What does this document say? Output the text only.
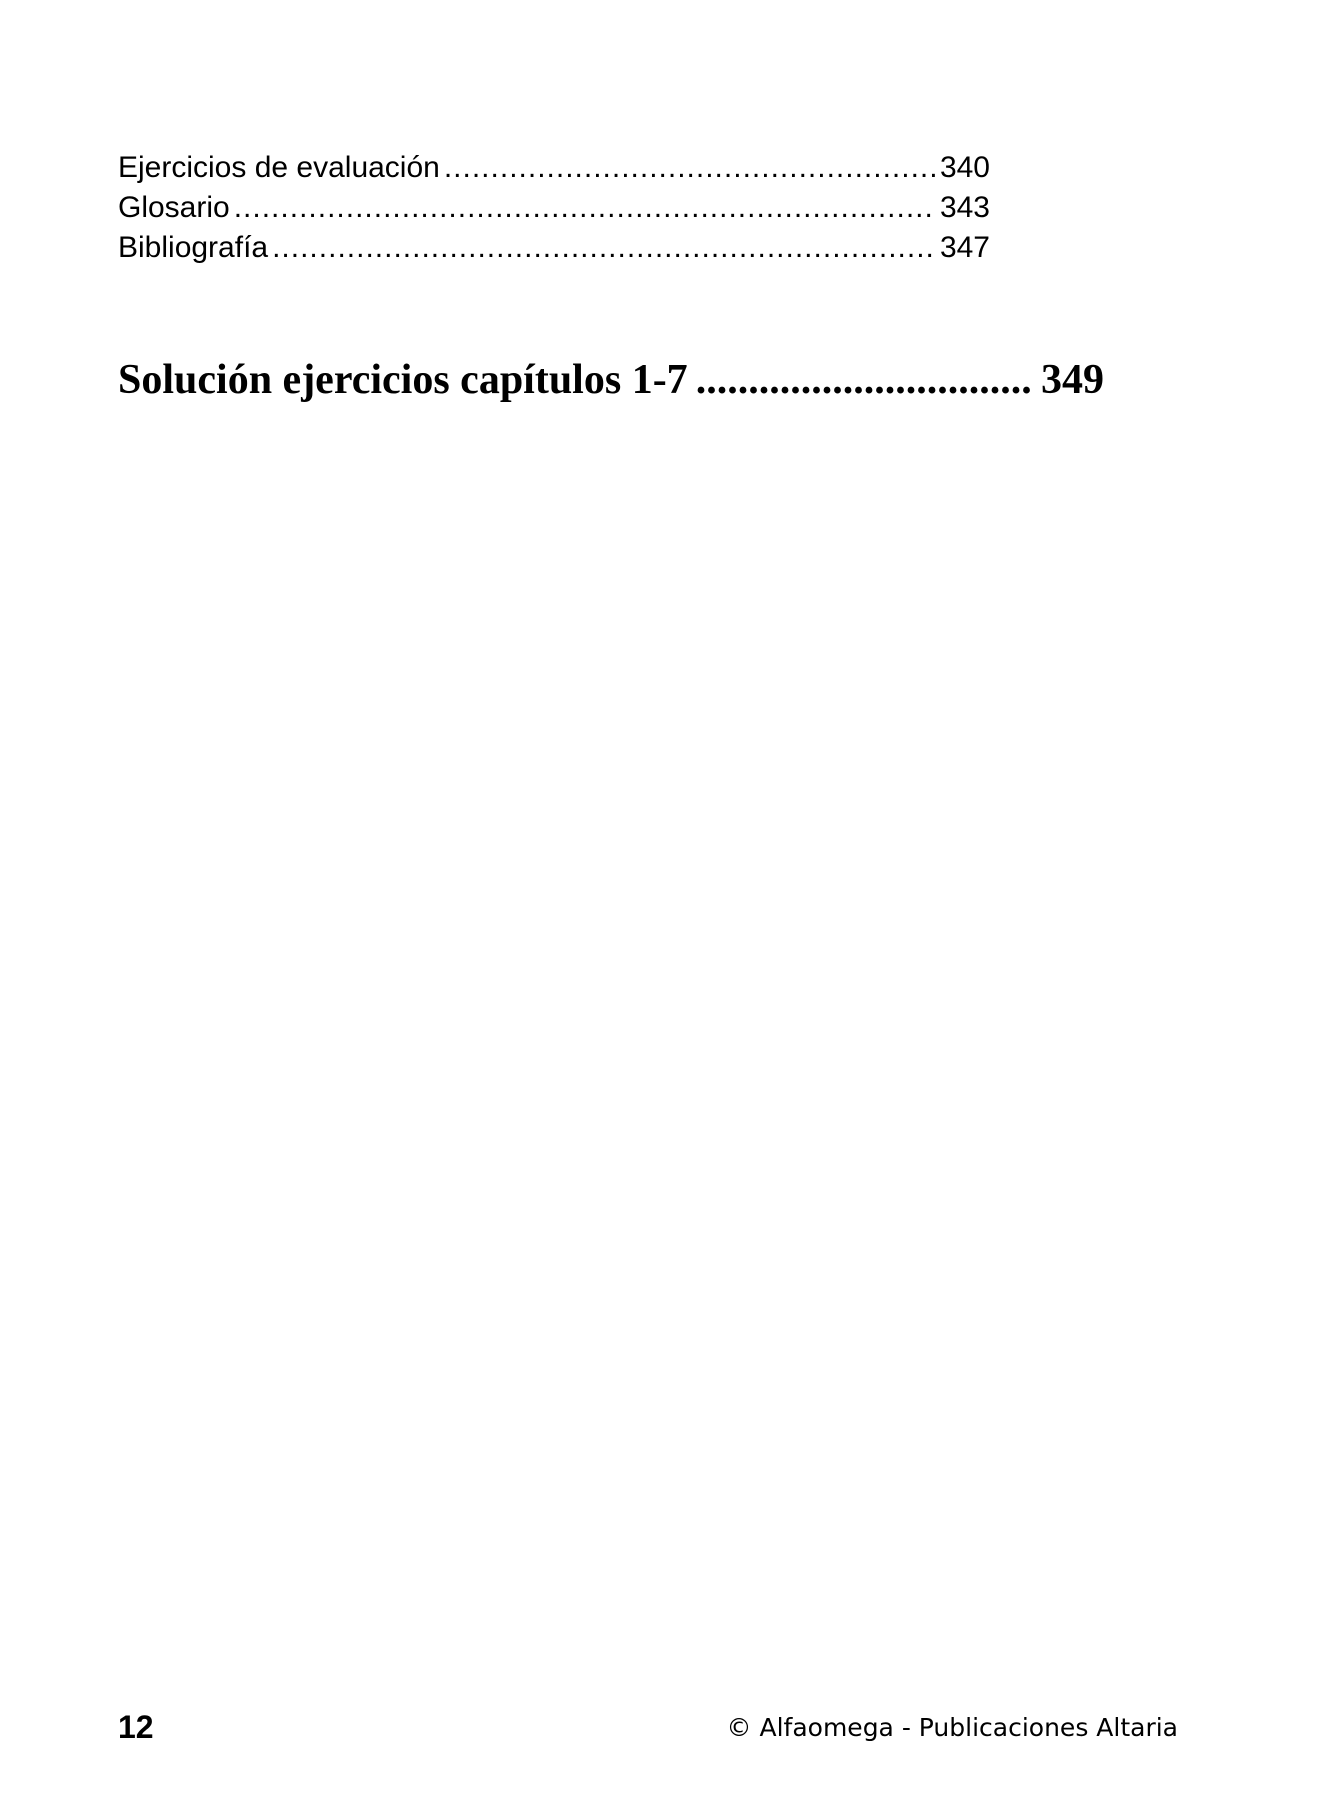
Ejercicios de evaluación .....	340
Glosario .....	343
Bibliografía .....	347
Solución ejercicios capítulos 1-7 .....	349
12	© Alfaomega - Publicaciones Altaria
